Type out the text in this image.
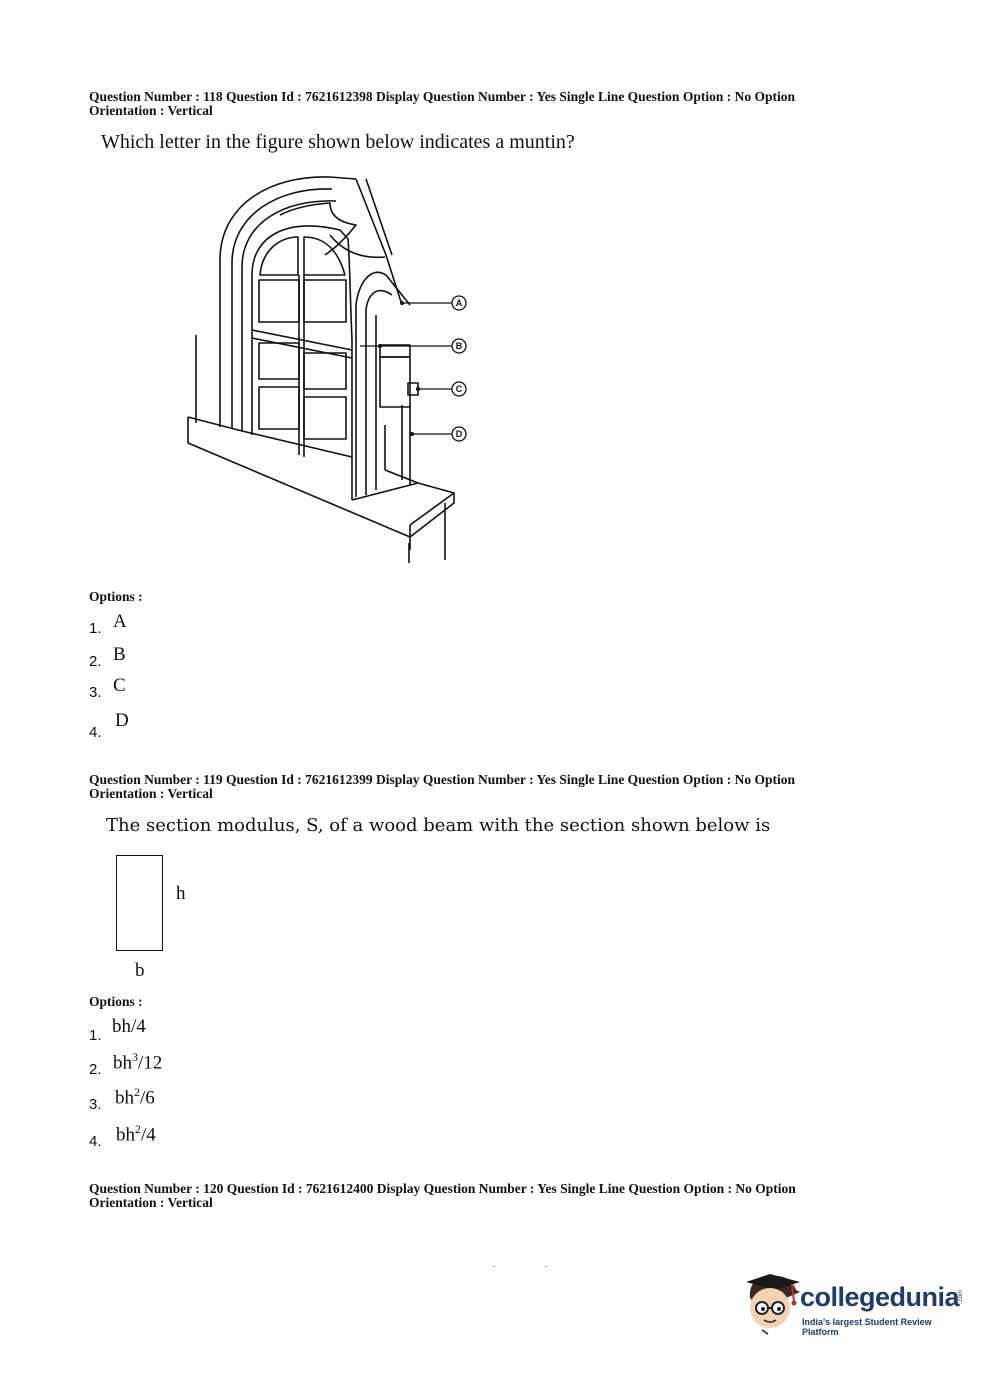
Question Number : 118 Question Id : 7621612398 Display Question Number : Yes Single Line Question Option : No Option
Orientation : Vertical
Which letter in the figure shown below indicates a muntin?
A
B
C
D
Options :
1. A
2. B
3. C
4.
D
Question Number : 119 Question Id : 7621612399 Display Question Number : Yes Single Line Question Option : No Option
Orientation : Vertical
The section modulus, S, of a wood beam with the section shown below is
h
b
Options :
1. bh/4
2. $bh^3/12$
3. $bh^2/6$
4. $bh^2/4$
Question Number : 120 Question Id : 7621612400 Display Question Number : Yes Single Line Question Option : No Option
Orientation : Vertical
collegedunia
.com
India's largest Student Review Platform
